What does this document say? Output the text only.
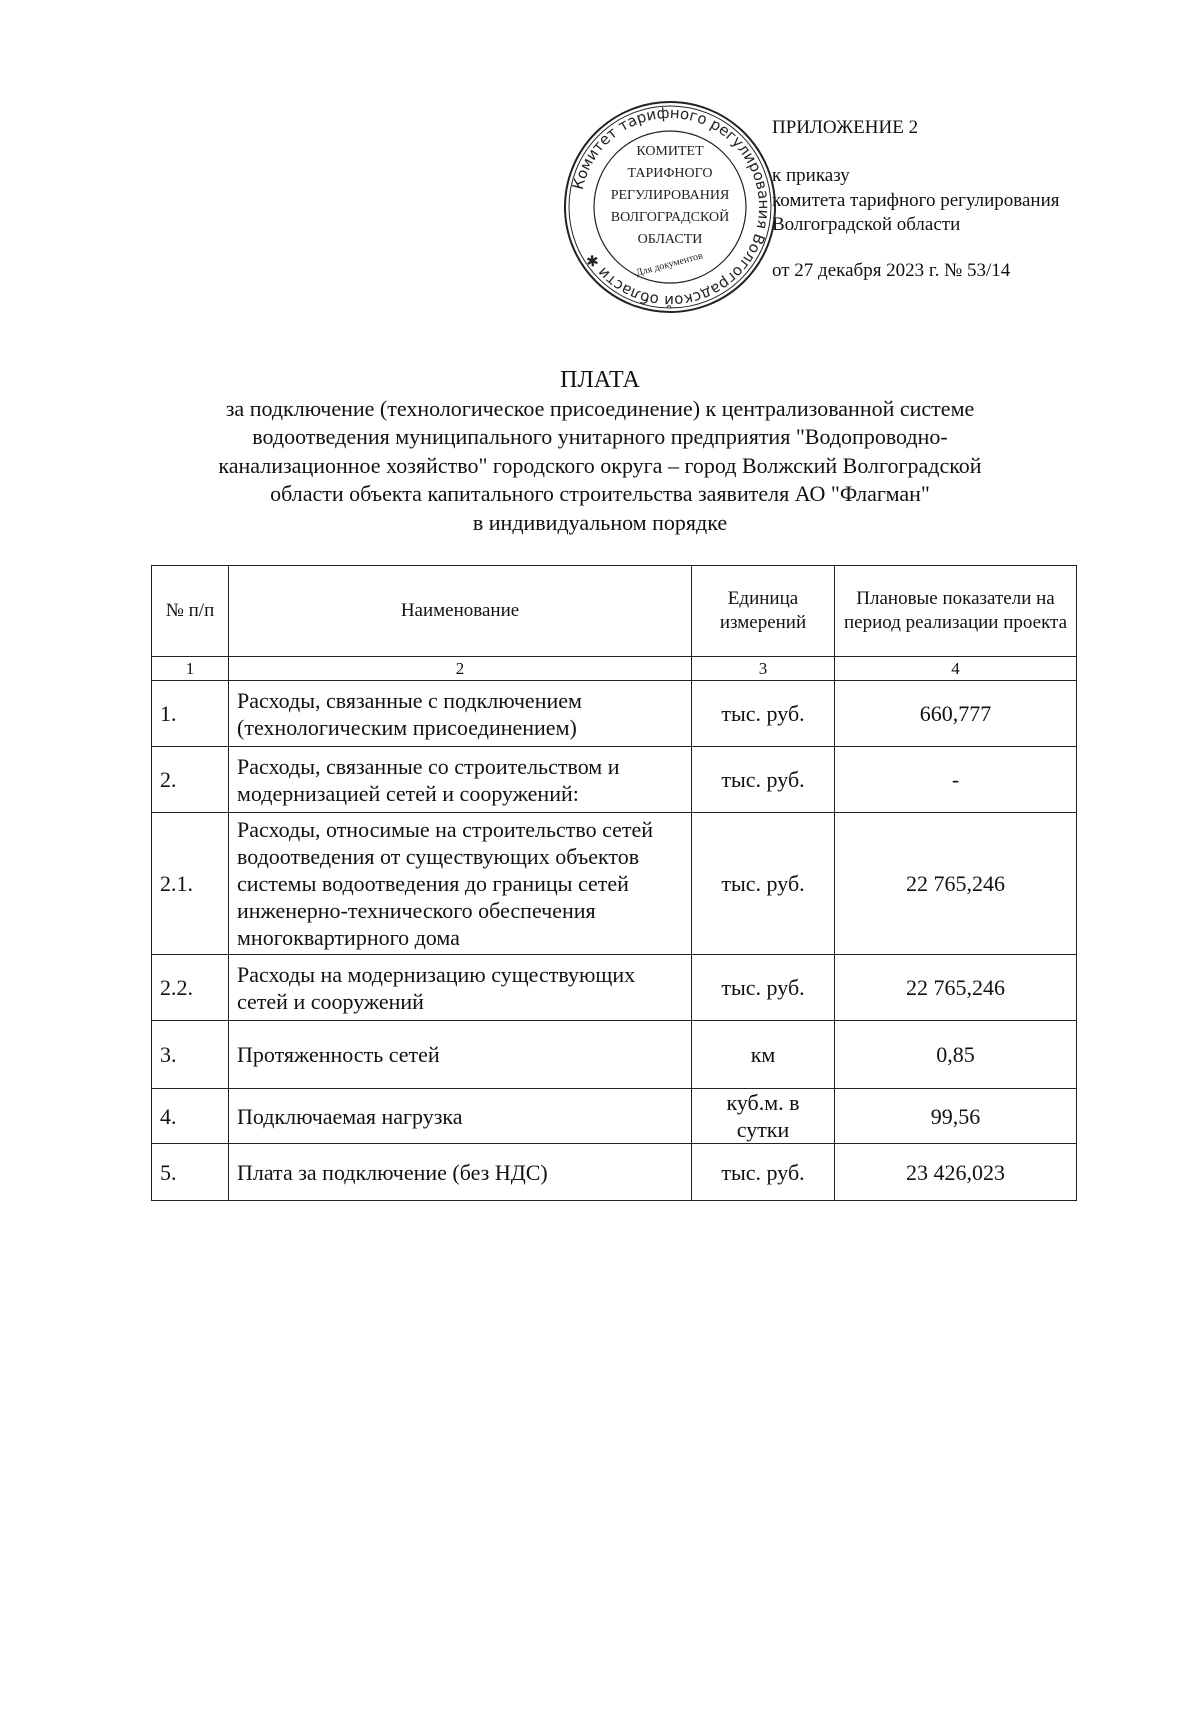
ПРИЛОЖЕНИЕ 2
к приказу
комитета тарифного регулирования
Волгоградской области
от 27 декабря 2023 г. № 53/14
Комитет тарифного регулирования Волгоградской области ✱
КОМИТЕТ
ТАРИФНОГО
РЕГУЛИРОВАНИЯ
ВОЛГОГРАДСКОЙ
ОБЛАСТИ
Для документов
ПЛАТА
за подключение (технологическое присоединение) к централизованной системе
водоотведения муниципального унитарного предприятия "Водопроводно-
канализационное хозяйство" городского округа – город Волжский Волгоградской
области объекта капитального строительства заявителя АО "Флагман"
в индивидуальном порядке
№ п/п	Наименование	Единица измерений	Плановые показатели на период реализации проекта
1	2	3	4
1.	Расходы, связанные с подключением (технологическим присоединением)	тыс. руб.	660,777
2.	Расходы, связанные со строительством и модернизацией сетей и сооружений:	тыс. руб.	-
2.1.	Расходы, относимые на строительство сетей водоотведения от существующих объектов системы водоотведения до границы сетей инженерно-технического обеспечения многоквартирного дома	тыс. руб.	22 765,246
2.2.	Расходы на модернизацию существующих сетей и сооружений	тыс. руб.	22 765,246
3.	Протяженность сетей	км	0,85
4.	Подключаемая нагрузка	куб.м. в сутки	99,56
5.	Плата за подключение (без НДС)	тыс. руб.	23 426,023
